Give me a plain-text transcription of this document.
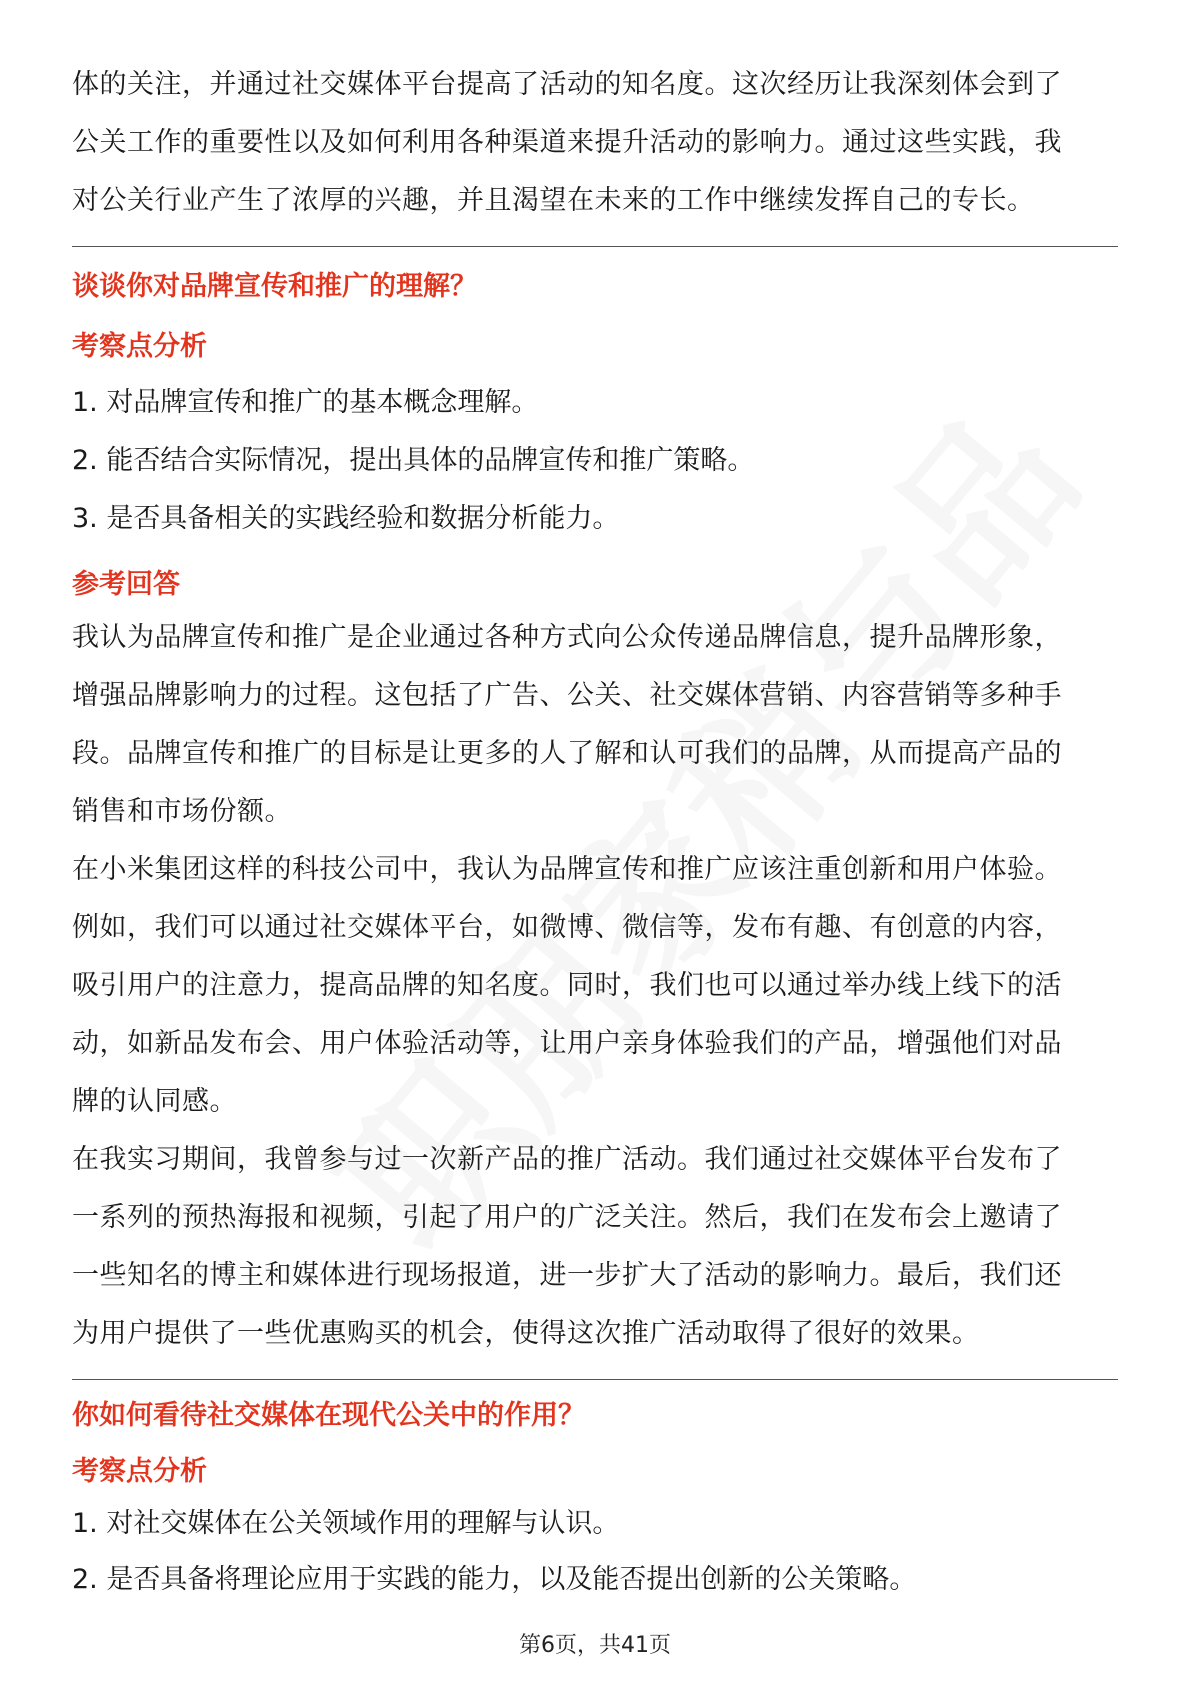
体的关注，并通过社交媒体平台提高了活动的知名度。这次经历让我深刻体会到了

公关工作的重要性以及如何利用各种渠道来提升活动的影响力。通过这些实践，我

对公关行业产生了浓厚的兴趣，并且渴望在未来的工作中继续发挥自己的专长。

谈谈你对品牌宣传和推广的理解？

考察点分析

1. 对品牌宣传和推广的基本概念理解。

2. 能否结合实际情况，提出具体的品牌宣传和推广策略。

3. 是否具备相关的实践经验和数据分析能力。

参考回答

我认为品牌宣传和推广是企业通过各种方式向公众传递品牌信息，提升品牌形象，

增强品牌影响力的过程。这包括了广告、公关、社交媒体营销、内容营销等多种手

段。品牌宣传和推广的目标是让更多的人了解和认可我们的品牌，从而提高产品的

销售和市场份额。

在小米集团这样的科技公司中，我认为品牌宣传和推广应该注重创新和用户体验。

例如，我们可以通过社交媒体平台，如微博、微信等，发布有趣、有创意的内容，

吸引用户的注意力，提高品牌的知名度。同时，我们也可以通过举办线上线下的活

动，如新品发布会、用户体验活动等，让用户亲身体验我们的产品，增强他们对品

牌的认同感。

在我实习期间，我曾参与过一次新产品的推广活动。我们通过社交媒体平台发布了

一系列的预热海报和视频，引起了用户的广泛关注。然后，我们在发布会上邀请了

一些知名的博主和媒体进行现场报道，进一步扩大了活动的影响力。最后，我们还

为用户提供了一些优惠购买的机会，使得这次推广活动取得了很好的效果。

你如何看待社交媒体在现代公关中的作用？

考察点分析

1. 对社交媒体在公关领域作用的理解与认识。

2. 是否具备将理论应用于实践的能力，以及能否提出创新的公关策略。

第6页，共41页
